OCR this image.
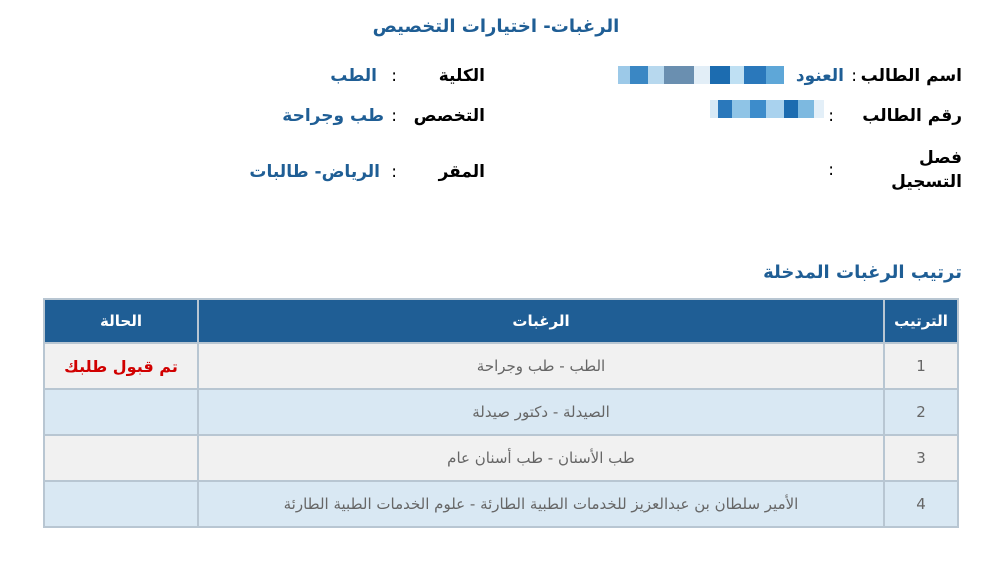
الرغبات- اختيارات التخصيص
اسم الطالب
:
العنود
رقم الطالب
:
فصل
التسجيل
:
الكلية
:
الطب
التخصص
:
طب وجراحة
المقر
:
الرياض- طالبات
ترتيب الرغبات المدخلة
الترتيب	الرغبات	الحالة
1	الطب - طب وجراحة	تم قبول طلبك
2	الصيدلة - دكتور صيدلة	
3	طب الأسنان - طب أسنان عام	
4	الأمير سلطان بن عبدالعزيز للخدمات الطبية الطارئة - علوم الخدمات الطبية الطارئة	
